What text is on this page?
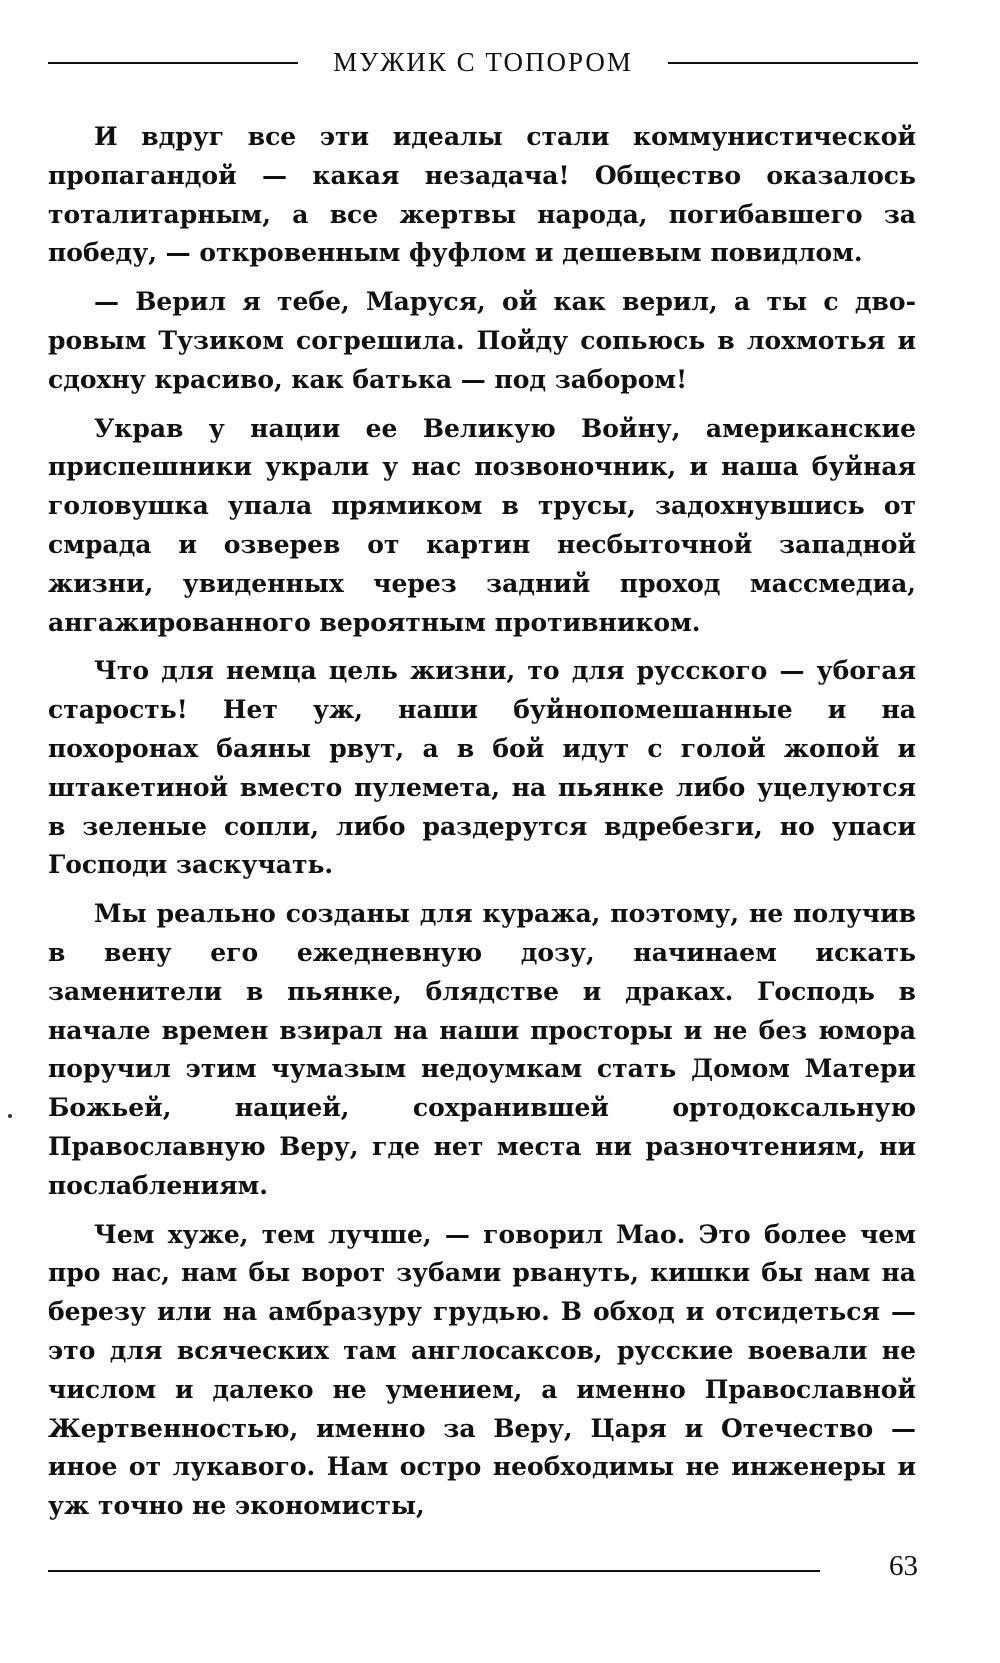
МУЖИК С ТОПОРОМ

И вдруг все эти идеалы стали коммунистической пропагандой — какая незадача! Общество оказалось тоталитарным, а все жертвы народа, погибавшего за победу, — откровенным фуфлом и дешевым повидлом.

— Верил я тебе, Маруся, ой как верил, а ты с дворовым Тузиком согрешила. Пойду сопьюсь в лохмотья и сдохну красиво, как батька — под забором!

Украв у нации ее Великую Войну, американские приспешники украли у нас позвоночник, и наша буйная головушка упала прямиком в трусы, задохнувшись от смрада и озверев от картин несбыточной западной жизни, увиденных через задний проход массмедиа, ангажированного вероятным противником.

Что для немца цель жизни, то для русского — убогая старость! Нет уж, наши буйнопомешанные и на похоронах баяны рвут, а в бой идут с голой жопой и штакетиной вместо пулемета, на пьянке либо уцелуются в зеленые сопли, либо раздерутся вдребезги, но упаси Господи заскучать.

Мы реально созданы для куража, поэтому, не получив в вену его ежедневную дозу, начинаем искать заменители в пьянке, блядстве и драках. Господь в начале времен взирал на наши просторы и не без юмора поручил этим чумазым недоумкам стать Домом Матери Божьей, нацией, сохранившей ортодоксальную Православную Веру, где нет места ни разночтениям, ни послаблениям.

Чем хуже, тем лучше, — говорил Мао. Это более чем про нас, нам бы ворот зубами рвануть, кишки бы нам на березу или на амбразуру грудью. В обход и отсидеться — это для всяческих там англосаксов, русские воевали не числом и далеко не умением, а именно Православной Жертвенностью, именно за Веру, Царя и Отечество — иное от лукавого. Нам остро необходимы не инженеры и уж точно не экономисты,

63
